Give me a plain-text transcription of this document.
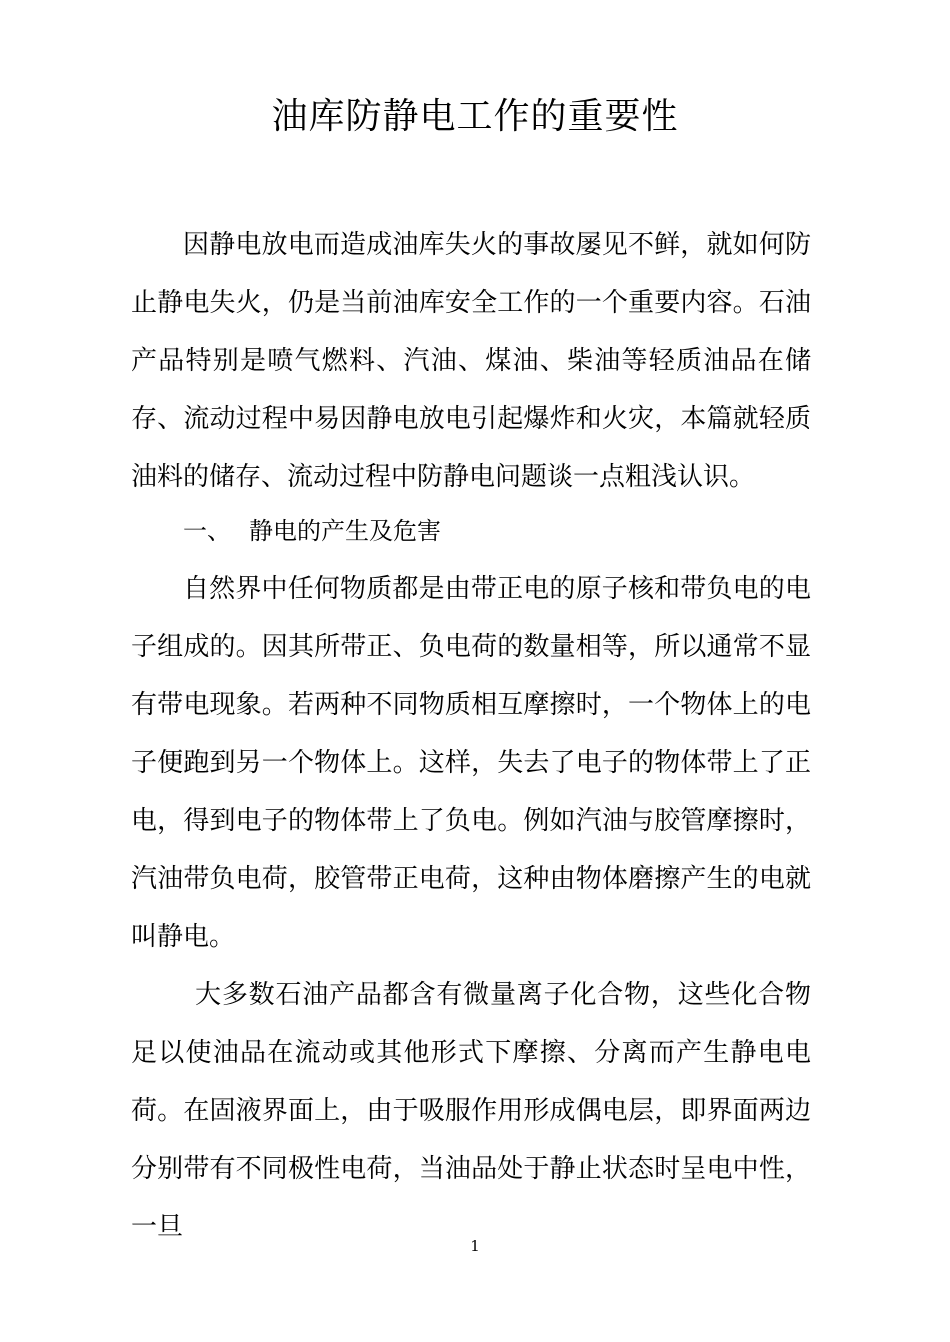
油库防静电工作的重要性

因静电放电而造成油库失火的事故屡见不鲜，就如何防止静电失火，仍是当前油库安全工作的一个重要内容。石油产品特别是喷气燃料、汽油、煤油、柴油等轻质油品在储存、流动过程中易因静电放电引起爆炸和火灾，本篇就轻质油料的储存、流动过程中防静电问题谈一点粗浅认识。

一、 静电的产生及危害

自然界中任何物质都是由带正电的原子核和带负电的电子组成的。因其所带正、负电荷的数量相等，所以通常不显有带电现象。若两种不同物质相互摩擦时，一个物体上的电子便跑到另一个物体上。这样，失去了电子的物体带上了正电，得到电子的物体带上了负电。例如汽油与胶管摩擦时，汽油带负电荷，胶管带正电荷，这种由物体磨擦产生的电就叫静电。

大多数石油产品都含有微量离子化合物，这些化合物足以使油品在流动或其他形式下摩擦、分离而产生静电电荷。在固液界面上，由于吸服作用形成偶电层，即界面两边分别带有不同极性电荷，当油品处于静止状态时呈电中性，一旦

1
